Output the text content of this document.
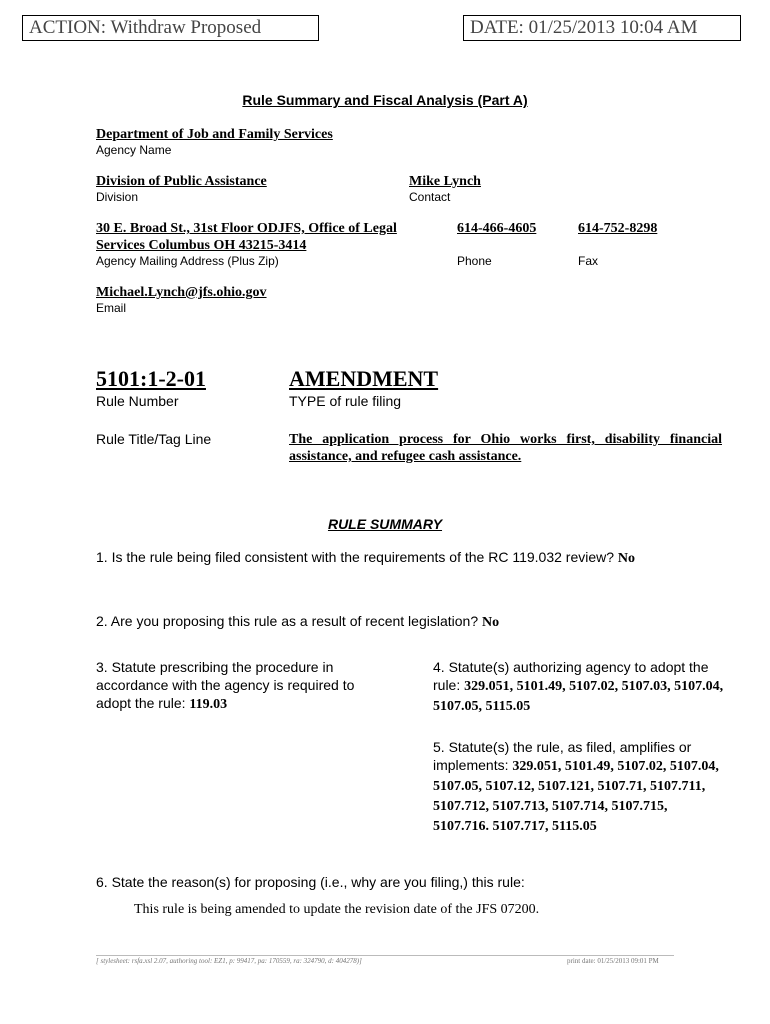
ACTION: Withdraw Proposed	DATE: 01/25/2013 10:04 AM
Rule Summary and Fiscal Analysis (Part A)
Department of Job and Family Services
Agency Name
Division of Public Assistance
Division
Mike Lynch
Contact
30 E. Broad St., 31st Floor ODJFS, Office of Legal
Services Columbus OH 43215-3414
Agency Mailing Address (Plus Zip)
614-466-4605
Phone
614-752-8298
Fax
Michael.Lynch@jfs.ohio.gov
Email
5101:1-2-01
Rule Number
AMENDMENT
TYPE of rule filing
Rule Title/Tag Line	The application process for Ohio works first, disability financial assistance, and refugee cash assistance.
RULE SUMMARY
1. Is the rule being filed consistent with the requirements of the RC 119.032 review? No
2. Are you proposing this rule as a result of recent legislation? No
3. Statute prescribing the procedure in accordance with the agency is required to adopt the rule: 119.03
4. Statute(s) authorizing agency to adopt the rule: 329.051, 5101.49, 5107.02, 5107.03, 5107.04, 5107.05, 5115.05
5. Statute(s) the rule, as filed, amplifies or implements: 329.051, 5101.49, 5107.02, 5107.04, 5107.05, 5107.12, 5107.121, 5107.71, 5107.711, 5107.712, 5107.713, 5107.714, 5107.715, 5107.716. 5107.717, 5115.05
6. State the reason(s) for proposing (i.e., why are you filing,) this rule:
This rule is being amended to update the revision date of the JFS 07200.
[ stylesheet: rsfa.xsl 2.07, authoring tool: EZ1, p: 99417, pa: 170559, ra: 324790, d: 404278)]	print date: 01/25/2013 09:01 PM
